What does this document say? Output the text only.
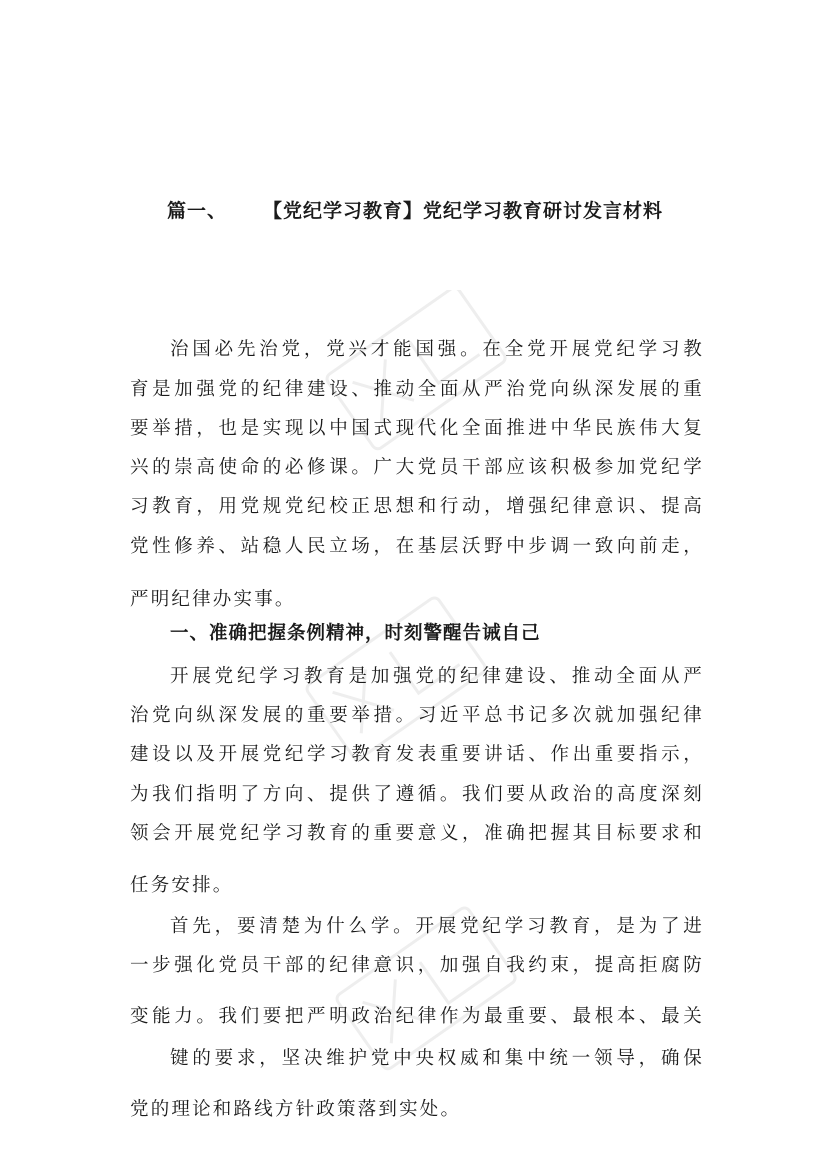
篇一、 【党纪学习教育】党纪学习教育研讨发言材料
治国必先治党，党兴才能国强。在全党开展党纪学习教
育是加强党的纪律建设、推动全面从严治党向纵深发展的重
要举措，也是实现以中国式现代化全面推进中华民族伟大复
兴的崇高使命的必修课。广大党员干部应该积极参加党纪学
习教育，用党规党纪校正思想和行动，增强纪律意识、提高
党性修养、站稳人民立场，在基层沃野中步调一致向前走，
严明纪律办实事。
一、准确把握条例精神，时刻警醒告诫自己
开展党纪学习教育是加强党的纪律建设、推动全面从严
治党向纵深发展的重要举措。习近平总书记多次就加强纪律
建设以及开展党纪学习教育发表重要讲话、作出重要指示，
为我们指明了方向、提供了遵循。我们要从政治的高度深刻
领会开展党纪学习教育的重要意义，准确把握其目标要求和
任务安排。
首先，要清楚为什么学。开展党纪学习教育，是为了进
一步强化党员干部的纪律意识，加强自我约束，提高拒腐防
变能力。我们要把严明政治纪律作为最重要、最根本、最关
键的要求，坚决维护党中央权威和集中统一领导，确保
党的理论和路线方针政策落到实处。
